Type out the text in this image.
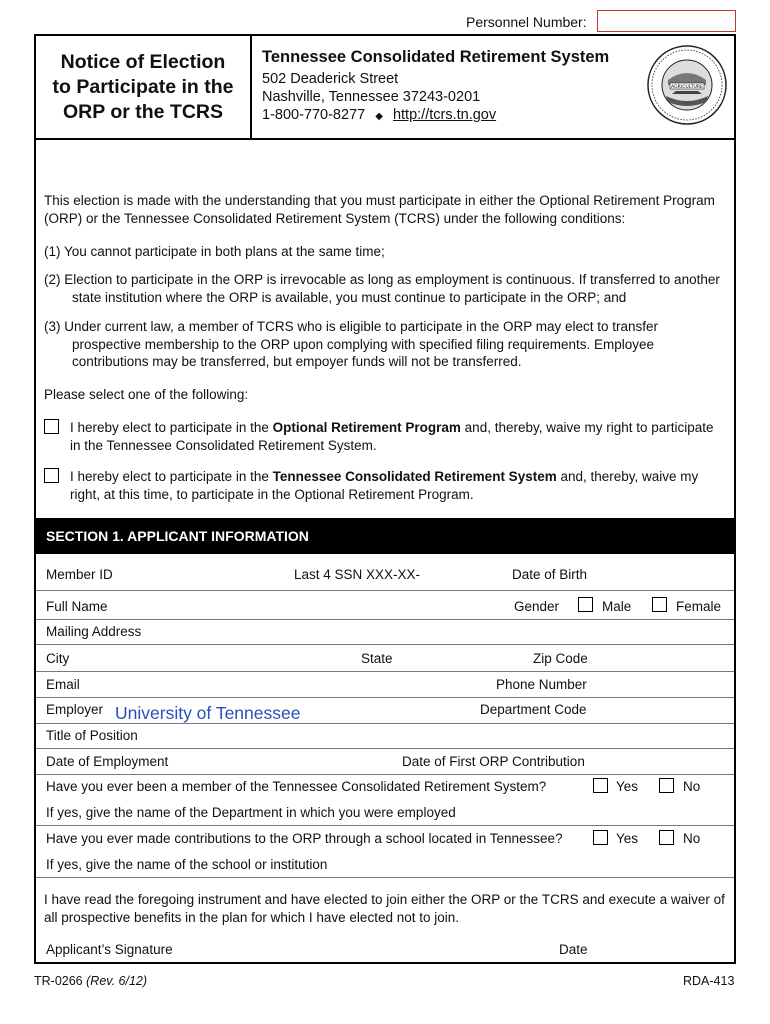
Personnel Number:
Notice of Election
to Participate in the
ORP or the TCRS
Tennessee Consolidated Retirement System
502 Deaderick Street
Nashville, Tennessee 37243-0201
1-800-770-8277 ◆ http://tcrs.tn.gov
AGRICULTURE
This election is made with the understanding that you must participate in either the Optional Retirement Program (ORP) or the Tennessee Consolidated Retirement System (TCRS) under the following conditions:
(1) You cannot participate in both plans at the same time;
(2) Election to participate in the ORP is irrevocable as long as employment is continuous. If transferred to another state institution where the ORP is available, you must continue to participate in the ORP; and
(3) Under current law, a member of TCRS who is eligible to participate in the ORP may elect to transfer prospective membership to the ORP upon complying with specified filing requirements. Employee contributions may be transferred, but empoyer funds will not be transferred.
Please select one of the following:
I hereby elect to participate in the Optional Retirement Program and, thereby, waive my right to participate in the Tennessee Consolidated Retirement System.
I hereby elect to participate in the Tennessee Consolidated Retirement System and, thereby, waive my right, at this time, to participate in the Optional Retirement Program.
SECTION 1. APPLICANT INFORMATION
Member ID	Last 4 SSN XXX-XX-	Date of Birth
Full Name	Gender	Male	Female
Mailing Address
City	State	Zip Code
Email	Phone Number
Employer University of Tennessee	Department Code
Title of Position
Date of Employment	Date of First ORP Contribution
Have you ever been a member of the Tennessee Consolidated Retirement System?	Yes	No
If yes, give the name of the Department in which you were employed
Have you ever made contributions to the ORP through a school located in Tennessee?	Yes	No
If yes, give the name of the school or institution
I have read the foregoing instrument and have elected to join either the ORP or the TCRS and execute a waiver of all prospective benefits in the plan for which I have elected not to join.
Applicant’s Signature	Date
TR-0266 (Rev. 6/12)	RDA-413
